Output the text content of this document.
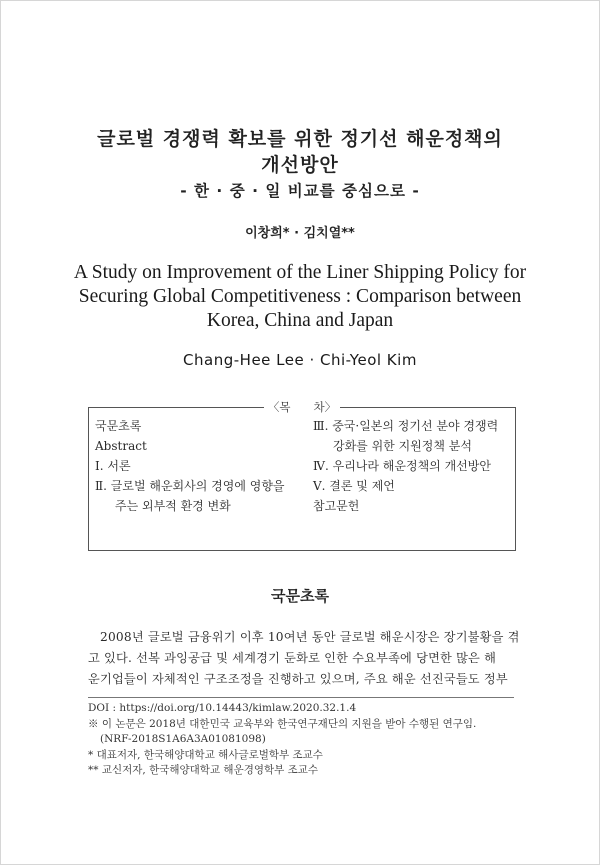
글로벌 경쟁력 확보를 위한 정기선 해운정책의
개선방안
- 한 · 중 · 일 비교를 중심으로 -
이창희* · 김치열**
A Study on Improvement of the Liner Shipping Policy for
Securing Global Competitiveness : Comparison between
Korea, China and Japan
Chang-Hee Lee · Chi-Yeol Kim
〈목　　차〉
국문초록
Abstract
Ⅰ. 서론
Ⅱ. 글로벌 해운회사의 경영에 영향을
주는 외부적 환경 변화
Ⅲ. 중국·일본의 정기선 분야 경쟁력
강화를 위한 지원정책 분석
Ⅳ. 우리나라 해운정책의 개선방안
Ⅴ. 결론 및 제언
참고문헌
국문초록
2008년 글로벌 금융위기 이후 10여년 동안 글로벌 해운시장은 장기불황을 겪
고 있다. 선복 과잉공급 및 세계경기 둔화로 인한 수요부족에 당면한 많은 해
운기업들이 자체적인 구조조정을 진행하고 있으며, 주요 해운 선진국들도 정부
DOI : https://doi.org/10.14443/kimlaw.2020.32.1.4
※ 이 논문은 2018년 대한민국 교육부와 한국연구재단의 지원을 받아 수행된 연구임.
(NRF-2018S1A6A3A01081098)
* 대표저자, 한국해양대학교 해사글로벌학부 조교수
** 교신저자, 한국해양대학교 해운경영학부 조교수
